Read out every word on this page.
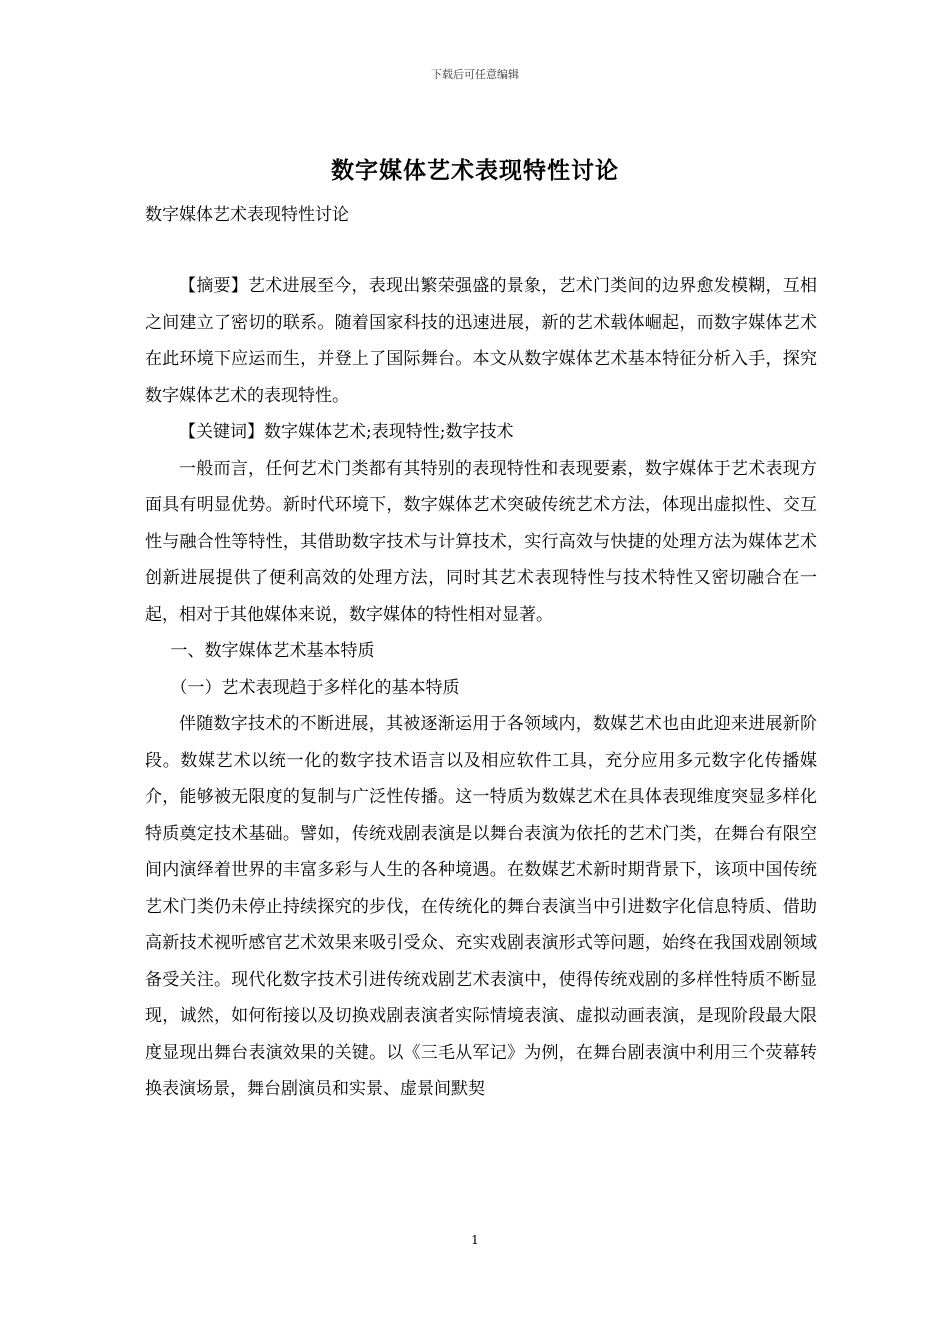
下载后可任意编辑
数字媒体艺术表现特性讨论
数字媒体艺术表现特性讨论

【摘要】艺术进展至今，表现出繁荣强盛的景象，艺术门类间的边界愈发模糊，互相之间建立了密切的联系。随着国家科技的迅速进展，新的艺术载体崛起，而数字媒体艺术在此环境下应运而生，并登上了国际舞台。本文从数字媒体艺术基本特征分析入手，探究数字媒体艺术的表现特性。

【关键词】数字媒体艺术;表现特性;数字技术

一般而言，任何艺术门类都有其特别的表现特性和表现要素，数字媒体于艺术表现方面具有明显优势。新时代环境下，数字媒体艺术突破传统艺术方法，体现出虚拟性、交互性与融合性等特性，其借助数字技术与计算技术，实行高效与快捷的处理方法为媒体艺术创新进展提供了便利高效的处理方法，同时其艺术表现特性与技术特性又密切融合在一起，相对于其他媒体来说，数字媒体的特性相对显著。

一、数字媒体艺术基本特质

（一）艺术表现趋于多样化的基本特质

伴随数字技术的不断进展，其被逐渐运用于各领域内，数媒艺术也由此迎来进展新阶段。数媒艺术以统一化的数字技术语言以及相应软件工具，充分应用多元数字化传播媒介，能够被无限度的复制与广泛性传播。这一特质为数媒艺术在具体表现维度突显多样化特质奠定技术基础。譬如，传统戏剧表演是以舞台表演为依托的艺术门类，在舞台有限空间内演绎着世界的丰富多彩与人生的各种境遇。在数媒艺术新时期背景下，该项中国传统艺术门类仍未停止持续探究的步伐，在传统化的舞台表演当中引进数字化信息特质、借助高新技术视听感官艺术效果来吸引受众、充实戏剧表演形式等问题，始终在我国戏剧领域备受关注。现代化数字技术引进传统戏剧艺术表演中，使得传统戏剧的多样性特质不断显现，诚然，如何衔接以及切换戏剧表演者实际情境表演、虚拟动画表演，是现阶段最大限度显现出舞台表演效果的关键。以《三毛从军记》为例，在舞台剧表演中利用三个荧幕转换表演场景，舞台剧演员和实景、虚景间默契

1
